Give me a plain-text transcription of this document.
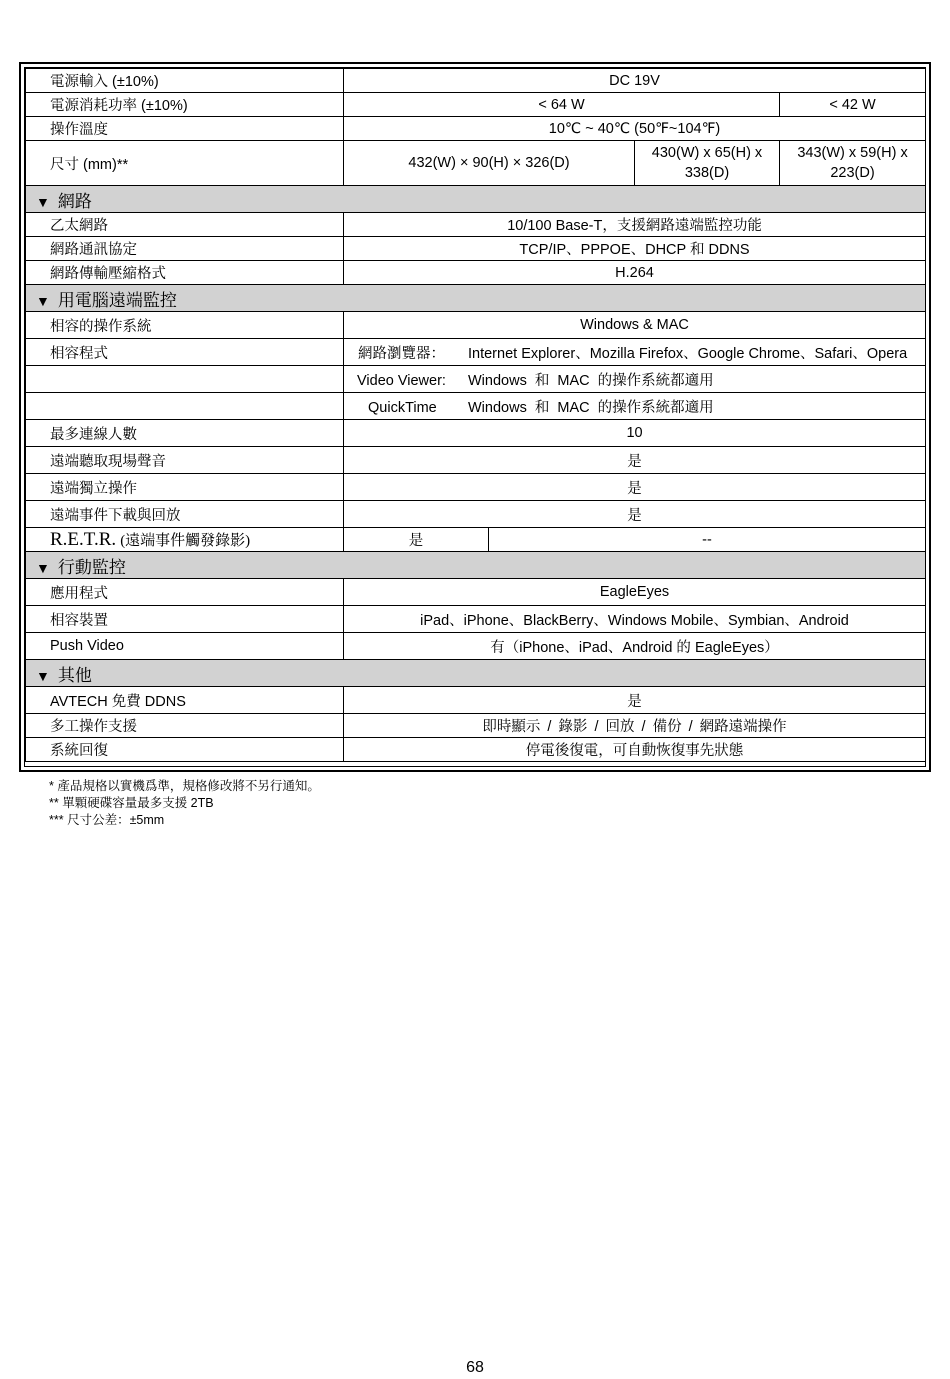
電源輸入 (±10%)	DC 19V			
電源消耗功率 (±10%)	< 64 W			< 42 W
操作溫度	10℃ ~ 40℃ (50℉~104℉)			
尺寸 (mm)**	432(W) × 90(H) × 326(D)		430(W) x 65(H) x 338(D)	343(W) x 59(H) x 223(D)
▼ 網路				
乙太網路	10/100 Base-T，支援網路遠端監控功能			
網路通訊協定	TCP/IP、PPPOE、DHCP 和 DDNS			
網路傳輸壓縮格式	H.264			
▼ 用電腦遠端監控				
相容的操作系統	Windows & MAC			
相容程式	網路瀏覽器： Internet Explorer、Mozilla Firefox、Google Chrome、Safari、Opera			
	Video Viewer: Windows 和 MAC 的操作系統都適用			
	QuickTime Windows 和 MAC 的操作系統都適用			
最多連線人數	10			
遠端聽取現場聲音	是			
遠端獨立操作	是			
遠端事件下載與回放	是			
R.E.T.R. (遠端事件觸發錄影)	是	--		
▼ 行動監控				
應用程式	EagleEyes			
相容裝置	iPad、iPhone、BlackBerry、Windows Mobile、Symbian、Android			
Push Video	有（iPhone、iPad、Android 的 EagleEyes）			
▼ 其他				
AVTECH 免費 DDNS	是			
多工操作支援	即時顯示 / 錄影 / 回放 / 備份 / 網路遠端操作			
系統回復	停電後復電，可自動恢復事先狀態			
* 產品規格以實機爲準，規格修改將不另行通知。
** 單顆硬碟容量最多支援 2TB
*** 尺寸公差：±5mm
68
